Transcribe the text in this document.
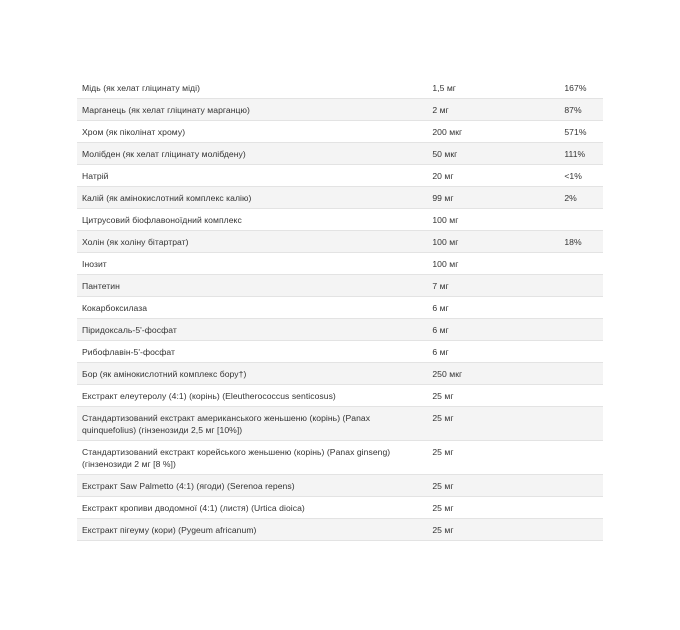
Мідь (як хелат гліцинату міді)	1,5 мг	167%
Марганець (як хелат гліцинату марганцю)	2 мг	87%
Хром (як піколінат хрому)	200 мкг	571%
Молібден (як хелат гліцинату молібдену)	50 мкг	111%
Натрій	20 мг	<1%
Калій (як амінокислотний комплекс калію)	99 мг	2%
Цитрусовий біофлавоноїдний комплекс	100 мг	
Холін (як холіну бітартрат)	100 мг	18%
Інозит	100 мг	
Пантетин	7 мг	
Кокарбоксилаза	6 мг	
Піридоксаль-5'-фосфат	6 мг	
Рибофлавін-5'-фосфат	6 мг	
Бор (як амінокислотний комплекс бору†)	250 мкг	
Екстракт елеутеролу (4:1) (корінь) (Eleutherococcus senticosus)	25 мг	
Стандартизований екстракт американського женьшеню (корінь) (Panax quinquefolius) (гінзенозиди 2,5 мг [10%])	25 мг	
Стандартизований екстракт корейського женьшеню (корінь) (Panax ginseng) (гінзенозиди 2 мг [8 %])	25 мг	
Екстракт Saw Palmetto (4:1) (ягоди) (Serenoa repens)	25 мг	
Екстракт кропиви дводомної (4:1) (листя) (Urtica dioica)	25 мг	
Екстракт пігеуму (кори) (Pygeum africanum)	25 мг	
